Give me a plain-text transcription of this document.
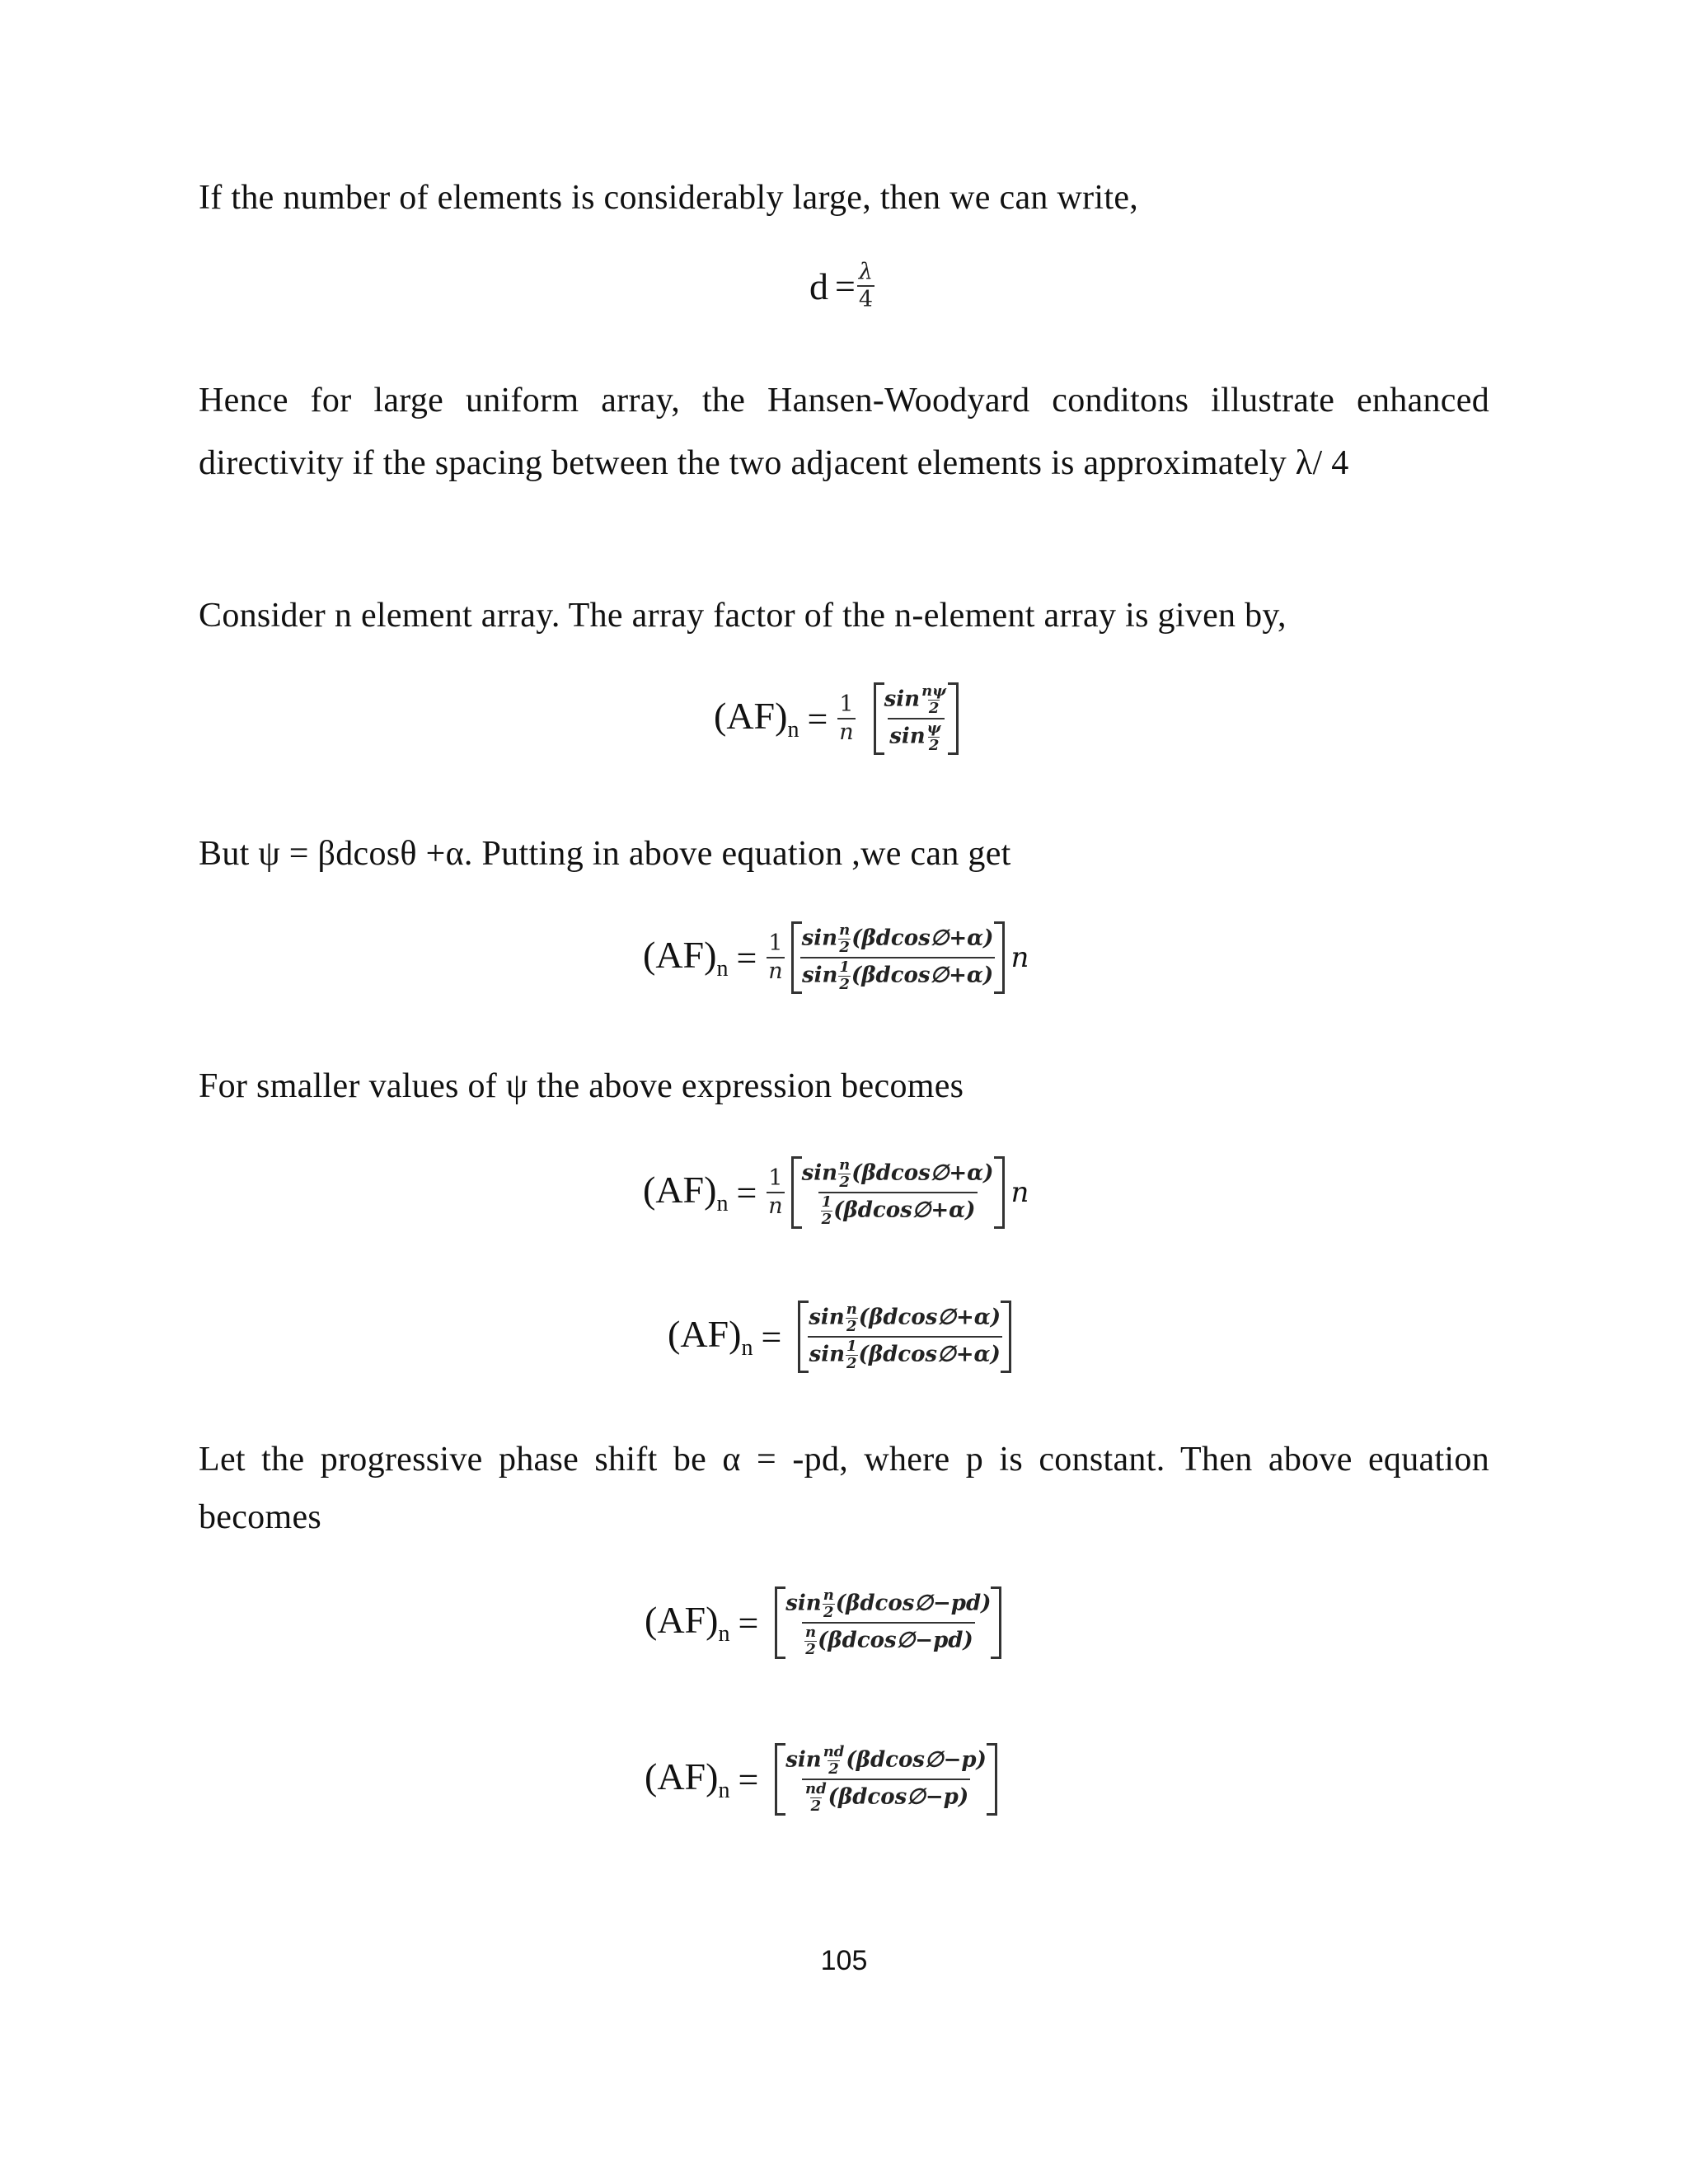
If the number of elements is considerably large, then we can write,
$d = \frac{\lambda}{4}$
Hence for large uniform array, the Hansen-Woodyard conditons illustrate enhanced directivity if the spacing between the two adjacent elements is approximately λ/ 4
Consider n element array. The array factor of the n-element array is given by,
$(AF)_n = \frac{1}{n} \frac{\sin \frac{n\psi}{2}}{\sin \frac{\psi}{2}}$
But ψ = βdcosθ +α. Putting in above equation ,we can get
$(AF)_n = \frac{1}{n} \frac{\sin \frac{n}{2} (\beta dcos\emptyset+\alpha)}{\sin \frac{1}{2} (\beta dcos\emptyset+\alpha)}$ n
For smaller values of ψ the above expression becomes
$(AF)_n = \frac{1}{n} \frac{\sin \frac{n}{2} (\beta dcos\emptyset+\alpha)}{\frac{1}{2} (\beta dcos\emptyset+\alpha)}$ n
$(AF)_n = \frac{\sin \frac{n}{2} (\beta dcos\emptyset+\alpha)}{\sin \frac{1}{2} (\beta dcos\emptyset+\alpha)}$
Let the progressive phase shift be α = -pd, where p is constant. Then above equation becomes
$(AF)_n = \frac{\sin \frac{n}{2} (\beta dcos\emptyset-pd)}{\frac{n}{2} (\beta dcos\emptyset-pd)}$
$(AF)_n = \frac{\sin \frac{nd}{2} (\beta dcos\emptyset-p)}{\frac{nd}{2} (\beta dcos\emptyset-p)}$
105
